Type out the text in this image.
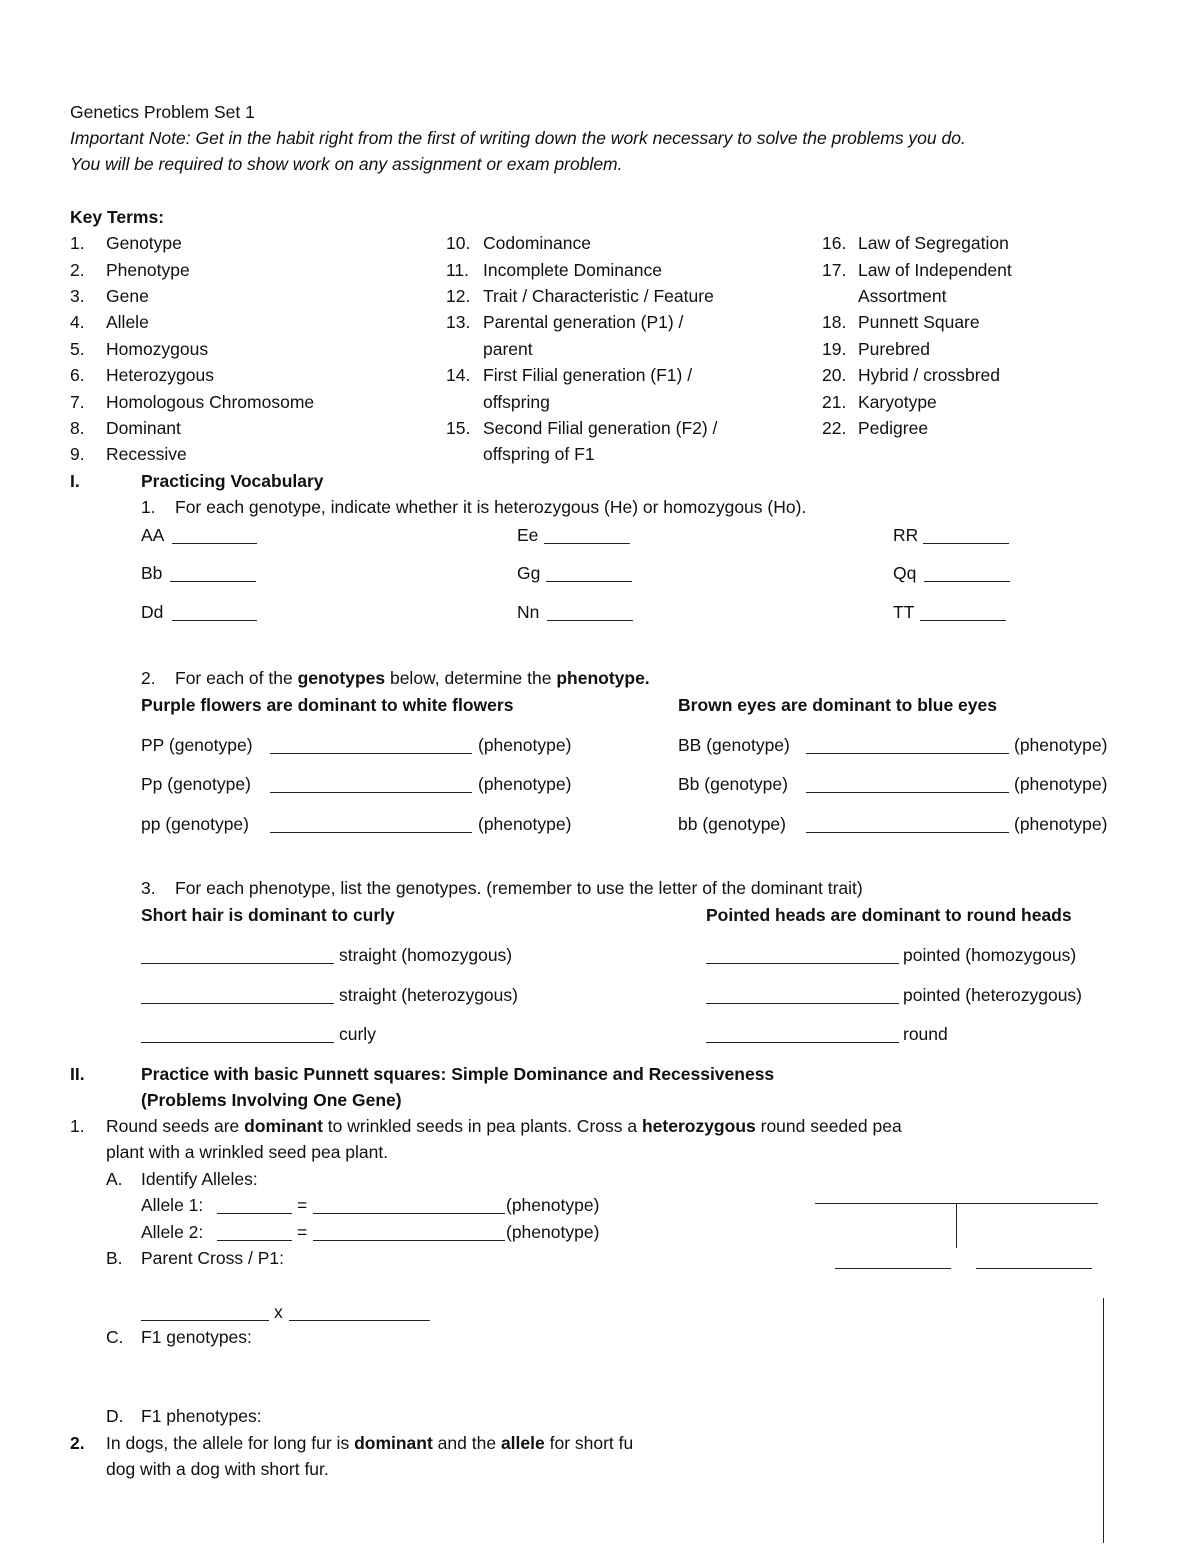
Genetics Problem Set 1
Important Note: Get in the habit right from the first of writing down the work necessary to solve the problems you do.
You will be required to show work on any assignment or exam problem.
Key Terms:
1. Genotype
2. Phenotype
3. Gene
4. Allele
5. Homozygous
6. Heterozygous
7. Homologous Chromosome
8. Dominant
9. Recessive
10. Codominance
11. Incomplete Dominance
12. Trait / Characteristic / Feature
13. Parental generation (P1) /
parent
14. First Filial generation (F1) /
offspring
15. Second Filial generation (F2) /
offspring of F1
16. Law of Segregation
17. Law of Independent
Assortment
18. Punnett Square
19. Purebred
20. Hybrid / crossbred
21. Karyotype
22. Pedigree
I.	Practicing Vocabulary
1. For each genotype, indicate whether it is heterozygous (He) or homozygous (Ho).
AA	Ee	RR
Bb	Gg	Qq
Dd	Nn	TT
2. For each of the genotypes below, determine the phenotype.
Purple flowers are dominant to white flowers	Brown eyes are dominant to blue eyes
PP (genotype)	(phenotype)	BB (genotype)	(phenotype)
Pp (genotype)	(phenotype)	Bb (genotype)	(phenotype)
pp (genotype)	(phenotype)	bb (genotype)	(phenotype)
3. For each phenotype, list the genotypes. (remember to use the letter of the dominant trait)
Short hair is dominant to curly	Pointed heads are dominant to round heads
straight (homozygous)	pointed (homozygous)
straight (heterozygous)	pointed (heterozygous)
curly	round
II.	Practice with basic Punnett squares: Simple Dominance and Recessiveness
(Problems Involving One Gene)
1. Round seeds are dominant to wrinkled seeds in pea plants. Cross a heterozygous round seeded pea
plant with a wrinkled seed pea plant.
A. Identify Alleles:
Allele 1:	=	(phenotype)
Allele 2:	=	(phenotype)
B. Parent Cross / P1:
x
C. F1 genotypes:
D. F1 phenotypes:
2. In dogs, the allele for long fur is dominant and the allele for short fu
dog with a dog with short fur.
